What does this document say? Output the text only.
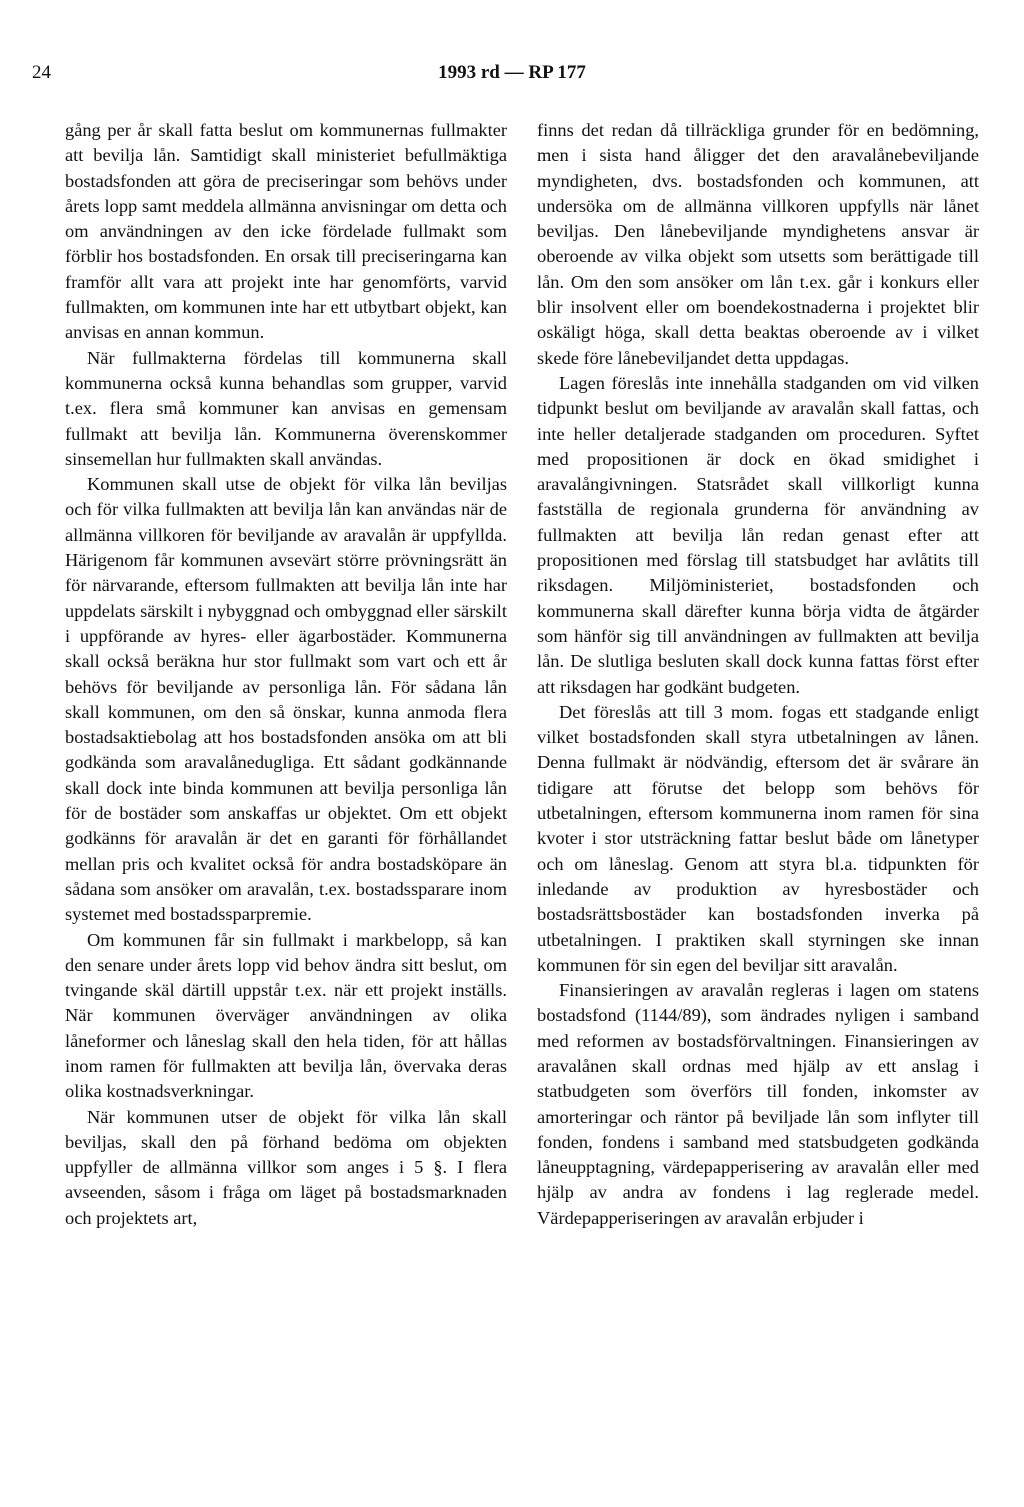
24	1993 rd — RP 177

gång per år skall fatta beslut om kommunernas fullmakter att bevilja lån. Samtidigt skall ministeriet befullmäktiga bostadsfonden att göra de preciseringar som behövs under årets lopp samt meddela allmänna anvisningar om detta och om användningen av den icke fördelade fullmakt som förblir hos bostadsfonden. En orsak till preciseringarna kan framför allt vara att projekt inte har genomförts, varvid fullmakten, om kommunen inte har ett utbytbart objekt, kan anvisas en annan kommun.

När fullmakterna fördelas till kommunerna skall kommunerna också kunna behandlas som grupper, varvid t.ex. flera små kommuner kan anvisas en gemensam fullmakt att bevilja lån. Kommunerna överenskommer sinsemellan hur fullmakten skall användas.

Kommunen skall utse de objekt för vilka lån beviljas och för vilka fullmakten att bevilja lån kan användas när de allmänna villkoren för beviljande av aravalån är uppfyllda. Härigenom får kommunen avsevärt större prövningsrätt än för närvarande, eftersom fullmakten att bevilja lån inte har uppdelats särskilt i nybyggnad och ombyggnad eller särskilt i uppförande av hyres- eller ägarbostäder. Kommunerna skall också beräkna hur stor fullmakt som vart och ett år behövs för beviljande av personliga lån. För sådana lån skall kommunen, om den så önskar, kunna anmoda flera bostadsaktiebolag att hos bostadsfonden ansöka om att bli godkända som aravalånedugliga. Ett sådant godkännande skall dock inte binda kommunen att bevilja personliga lån för de bostäder som anskaffas ur objektet. Om ett objekt godkänns för aravalån är det en garanti för förhållandet mellan pris och kvalitet också för andra bostadsköpare än sådana som ansöker om aravalån, t.ex. bostadssparare inom systemet med bostadssparpremie.

Om kommunen får sin fullmakt i markbelopp, så kan den senare under årets lopp vid behov ändra sitt beslut, om tvingande skäl därtill uppstår t.ex. när ett projekt inställs. När kommunen överväger användningen av olika låneformer och låneslag skall den hela tiden, för att hållas inom ramen för fullmakten att bevilja lån, övervaka deras olika kostnadsverkningar.

När kommunen utser de objekt för vilka lån skall beviljas, skall den på förhand bedöma om objekten uppfyller de allmänna villkor som anges i 5 §. I flera avseenden, såsom i fråga om läget på bostadsmarknaden och projektets art,

finns det redan då tillräckliga grunder för en bedömning, men i sista hand åligger det den aravalånebeviljande myndigheten, dvs. bostadsfonden och kommunen, att undersöka om de allmänna villkoren uppfylls när lånet beviljas. Den lånebeviljande myndighetens ansvar är oberoende av vilka objekt som utsetts som berättigade till lån. Om den som ansöker om lån t.ex. går i konkurs eller blir insolvent eller om boendekostnaderna i projektet blir oskäligt höga, skall detta beaktas oberoende av i vilket skede före lånebeviljandet detta uppdagas.

Lagen föreslås inte innehålla stadganden om vid vilken tidpunkt beslut om beviljande av aravalån skall fattas, och inte heller detaljerade stadganden om proceduren. Syftet med propositionen är dock en ökad smidighet i aravalångivningen. Statsrådet skall villkorligt kunna fastställa de regionala grunderna för användning av fullmakten att bevilja lån redan genast efter att propositionen med förslag till statsbudget har avlåtits till riksdagen. Miljöministeriet, bostadsfonden och kommunerna skall därefter kunna börja vidta de åtgärder som hänför sig till användningen av fullmakten att bevilja lån. De slutliga besluten skall dock kunna fattas först efter att riksdagen har godkänt budgeten.

Det föreslås att till 3 mom. fogas ett stadgande enligt vilket bostadsfonden skall styra utbetalningen av lånen. Denna fullmakt är nödvändig, eftersom det är svårare än tidigare att förutse det belopp som behövs för utbetalningen, eftersom kommunerna inom ramen för sina kvoter i stor utsträckning fattar beslut både om lånetyper och om låneslag. Genom att styra bl.a. tidpunkten för inledande av produktion av hyresbostäder och bostadsrättsbostäder kan bostadsfonden inverka på utbetalningen. I praktiken skall styrningen ske innan kommunen för sin egen del beviljar sitt aravalån.

Finansieringen av aravalån regleras i lagen om statens bostadsfond (1144/89), som ändrades nyligen i samband med reformen av bostadsförvaltningen. Finansieringen av aravalånen skall ordnas med hjälp av ett anslag i statbudgeten som överförs till fonden, inkomster av amorteringar och räntor på beviljade lån som inflyter till fonden, fondens i samband med statsbudgeten godkända låneupptagning, värdepapperisering av aravalån eller med hjälp av andra av fondens i lag reglerade medel. Värdepapperiseringen av aravalån erbjuder i
